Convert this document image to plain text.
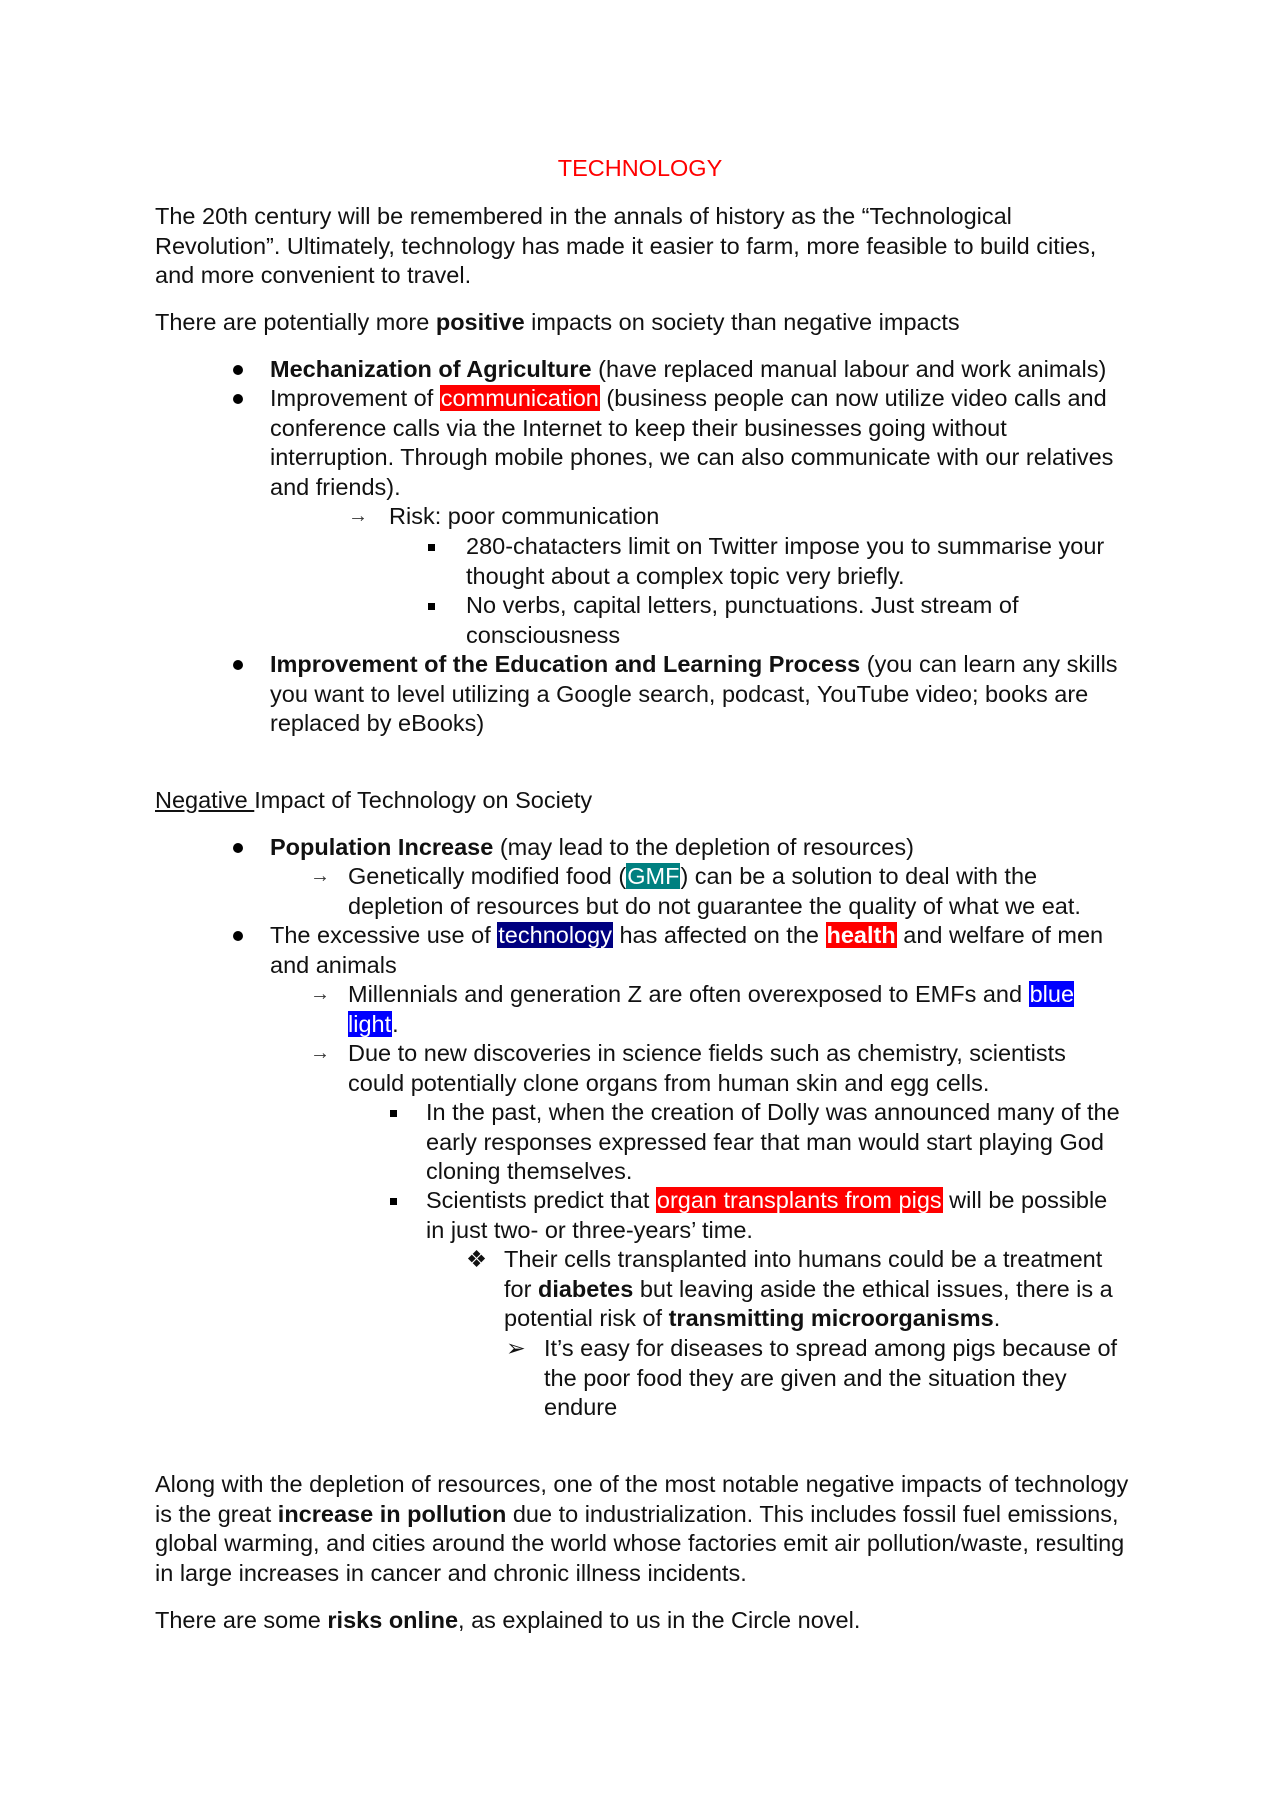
TECHNOLOGY

The 20th century will be remembered in the annals of history as the “Technological Revolution”. Ultimately, technology has made it easier to farm, more feasible to build cities, and more convenient to travel.

There are potentially more positive impacts on society than negative impacts

Mechanization of Agriculture (have replaced manual labour and work animals)

Improvement of communication (business people can now utilize video calls and conference calls via the Internet to keep their businesses going without interruption. Through mobile phones, we can also communicate with our relatives and friends).

→ Risk: poor communication

280-chatacters limit on Twitter impose you to summarise your thought about a complex topic very briefly.

No verbs, capital letters, punctuations. Just stream of consciousness

Improvement of the Education and Learning Process (you can learn any skills you want to level utilizing a Google search, podcast, YouTube video; books are replaced by eBooks)

Negative Impact of Technology on Society

Population Increase (may lead to the depletion of resources)

→ Genetically modified food (GMF) can be a solution to deal with the depletion of resources but do not guarantee the quality of what we eat.

The excessive use of technology has affected on the health and welfare of men and animals

→ Millennials and generation Z are often overexposed to EMFs and blue light.

→ Due to new discoveries in science fields such as chemistry, scientists could potentially clone organs from human skin and egg cells.

In the past, when the creation of Dolly was announced many of the early responses expressed fear that man would start playing God cloning themselves.

Scientists predict that organ transplants from pigs will be possible in just two- or three-years’ time.

❖ Their cells transplanted into humans could be a treatment for diabetes but leaving aside the ethical issues, there is a potential risk of transmitting microorganisms.

➢ It’s easy for diseases to spread among pigs because of the poor food they are given and the situation they endure

Along with the depletion of resources, one of the most notable negative impacts of technology is the great increase in pollution due to industrialization. This includes fossil fuel emissions, global warming, and cities around the world whose factories emit air pollution/waste, resulting in large increases in cancer and chronic illness incidents.

There are some risks online, as explained to us in the Circle novel.
